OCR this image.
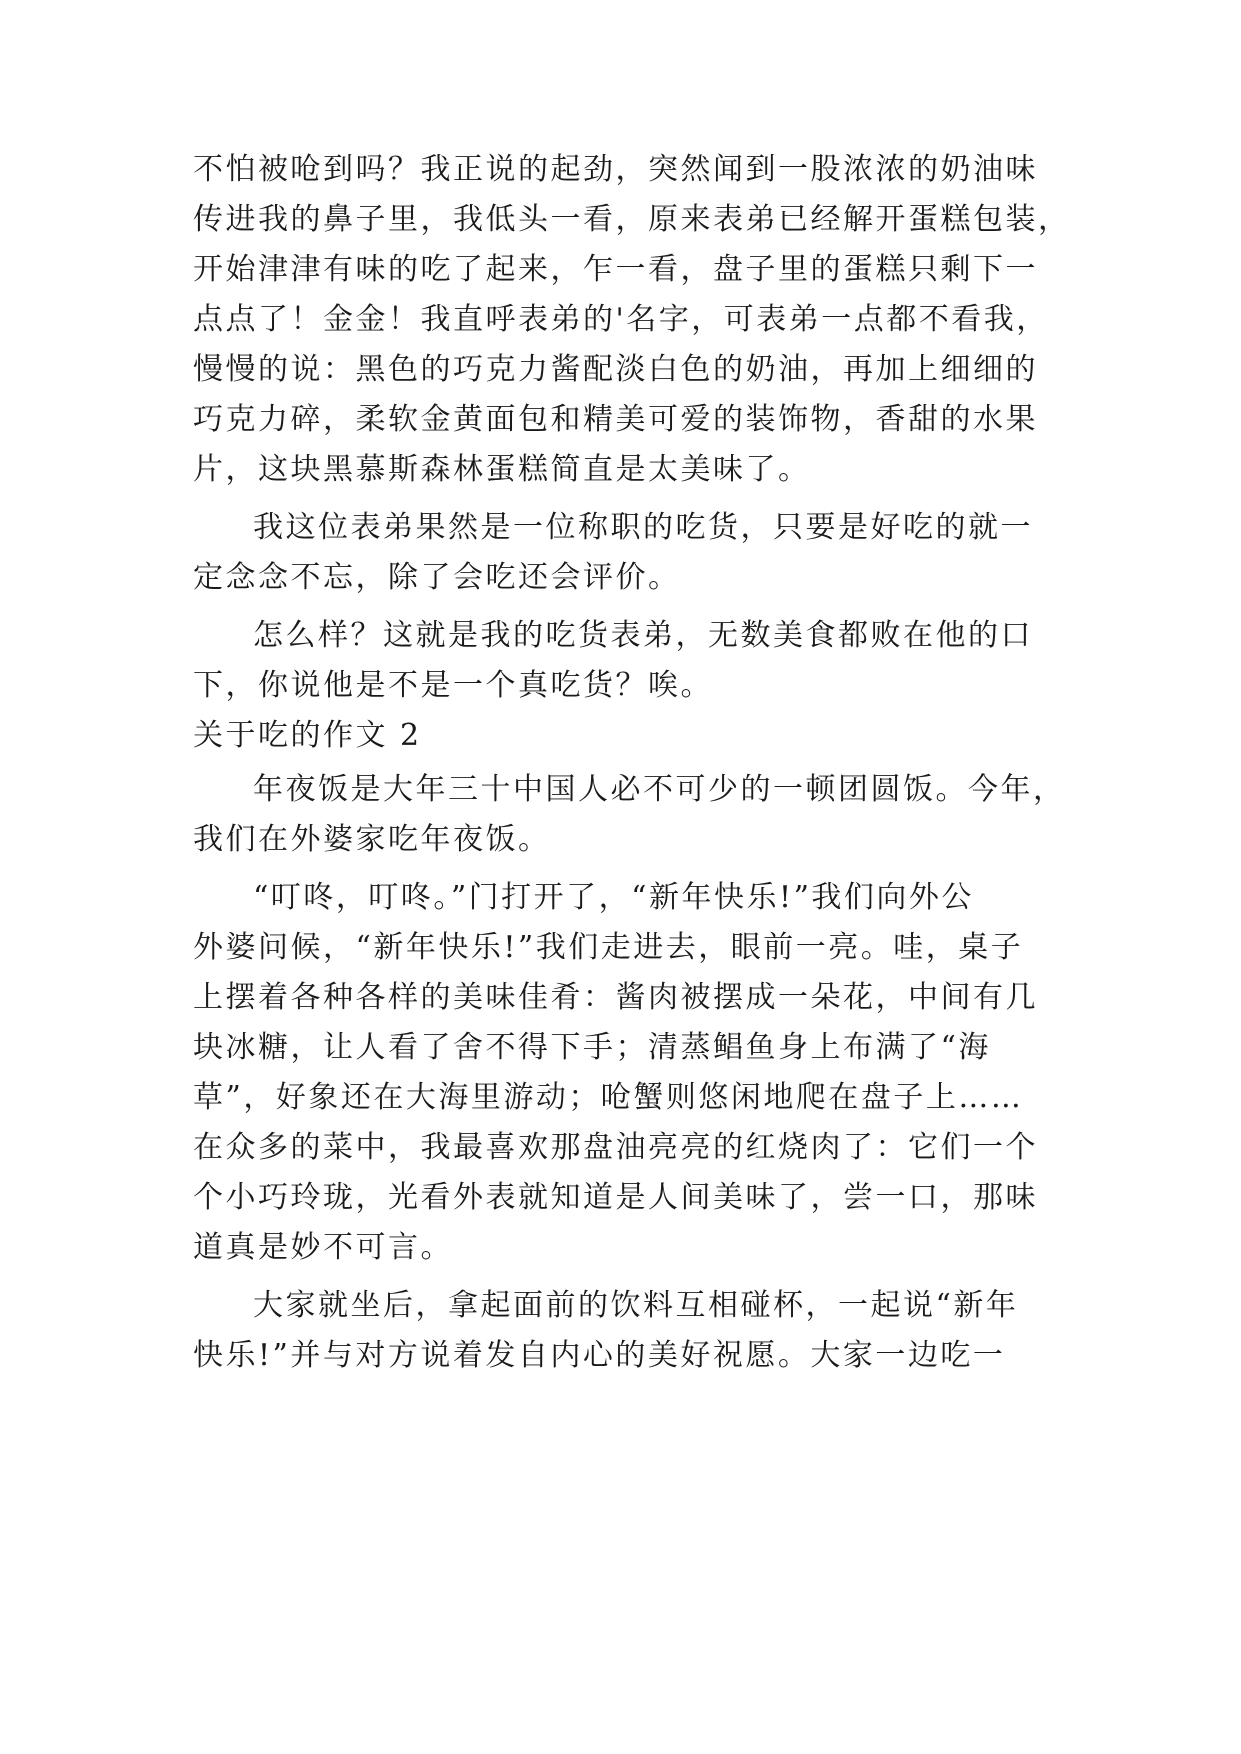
不怕被呛到吗？我正说的起劲，突然闻到一股浓浓的奶油味
传进我的鼻子里，我低头一看，原来表弟已经解开蛋糕包装，
开始津津有味的吃了起来，乍一看，盘子里的蛋糕只剩下一
点点了！金金！我直呼表弟的'名字，可表弟一点都不看我，
慢慢的说：黑色的巧克力酱配淡白色的奶油，再加上细细的
巧克力碎，柔软金黄面包和精美可爱的装饰物，香甜的水果
片，这块黑慕斯森林蛋糕简直是太美味了。
我这位表弟果然是一位称职的吃货，只要是好吃的就一
定念念不忘，除了会吃还会评价。
怎么样？这就是我的吃货表弟，无数美食都败在他的口
下，你说他是不是一个真吃货？唉。
关于吃的作文 2
年夜饭是大年三十中国人必不可少的一顿团圆饭。今年，
我们在外婆家吃年夜饭。
“叮咚，叮咚。”门打开了，“新年快乐!”我们向外公
外婆问候，“新年快乐!”我们走进去，眼前一亮。哇，桌子
上摆着各种各样的美味佳肴：酱肉被摆成一朵花，中间有几
块冰糖，让人看了舍不得下手；清蒸鲳鱼身上布满了“海
草”，好象还在大海里游动；呛蟹则悠闲地爬在盘子上……
在众多的菜中，我最喜欢那盘油亮亮的红烧肉了：它们一个
个小巧玲珑，光看外表就知道是人间美味了，尝一口，那味
道真是妙不可言。
大家就坐后，拿起面前的饮料互相碰杯，一起说“新年
快乐!”并与对方说着发自内心的美好祝愿。大家一边吃一
